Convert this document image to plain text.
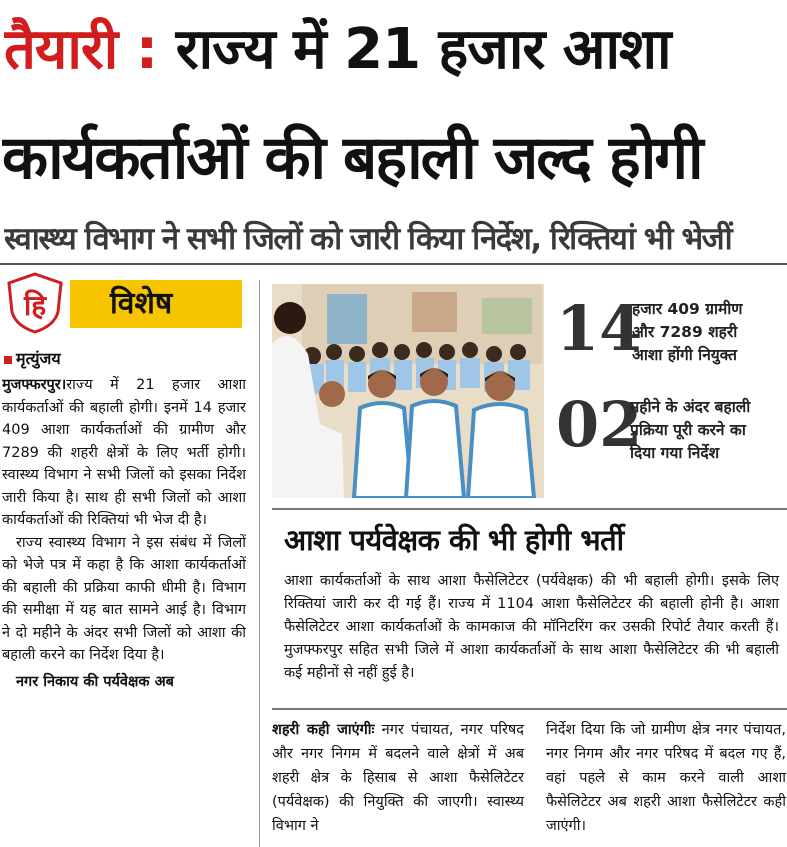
तैयारी : राज्य में 21 हजार आशा
कार्यकर्ताओं की बहाली जल्द होगी
स्वास्थ्य विभाग ने सभी जिलों को जारी किया निर्देश, रिक्तियां भी भेजीं
हि विशेष
मृत्युंजय

मुजफ्फरपुर।राज्य में 21 हजार आशा कार्यकर्ताओं की बहाली होगी। इनमें 14 हजार 409 आशा कार्यकर्ताओं की ग्रामीण और 7289 की शहरी क्षेत्रों के लिए भर्ती होगी। स्वास्थ्य विभाग ने सभी जिलों को इसका निर्देश जारी किया है। साथ ही सभी जिलों को आशा कार्यकर्ताओं की रिक्तियां भी भेज दी है।

राज्य स्वास्थ्य विभाग ने इस संबंध में जिलों को भेजे पत्र में कहा है कि आशा कार्यकर्ताओं की बहाली की प्रक्रिया काफी धीमी है। विभाग की समीक्षा में यह बात सामने आई है। विभाग ने दो महीने के अंदर सभी जिलों को आशा की बहाली करने का निर्देश दिया है।

नगर निकाय की पर्यवेक्षक अब

14
हजार 409 ग्रामीण
और 7289 शहरी
आशा होंगी नियुक्त
02
महीने के अंदर बहाली
प्रक्रिया पूरी करने का
दिया गया निर्देश
आशा पर्यवेक्षक की भी होगी भर्ती

आशा कार्यकर्ताओं के साथ आशा फैसेलिटेटर (पर्यवेक्षक) की भी बहाली होगी। इसके लिए रिक्तियां जारी कर दी गई हैं। राज्य में 1104 आशा फैसेलिटेटर की बहाली होनी है। आशा फैसेलिटेटर आशा कार्यकर्ताओं के कामकाज की मॉनिटरिंग कर उसकी रिपोर्ट तैयार करती हैं। मुजफ्फरपुर सहित सभी जिले में आशा कार्यकर्ताओं के साथ आशा फैसेलिटेटर की भी बहाली कई महीनों से नहीं हुई है।

शहरी कही जाएंगीः नगर पंचायत, नगर परिषद और नगर निगम में बदलने वाले क्षेत्रों में अब शहरी क्षेत्र के हिसाब से आशा फैसेलिटेटर (पर्यवेक्षक) की नियुक्ति की जाएगी। स्वास्थ्य विभाग ने

निर्देश दिया कि जो ग्रामीण क्षेत्र नगर पंचायत, नगर निगम और नगर परिषद में बदल गए हैं, वहां पहले से काम करने वाली आशा फैसेलिटेटर अब शहरी आशा फैसेलिटेटर कही जाएंगी।
